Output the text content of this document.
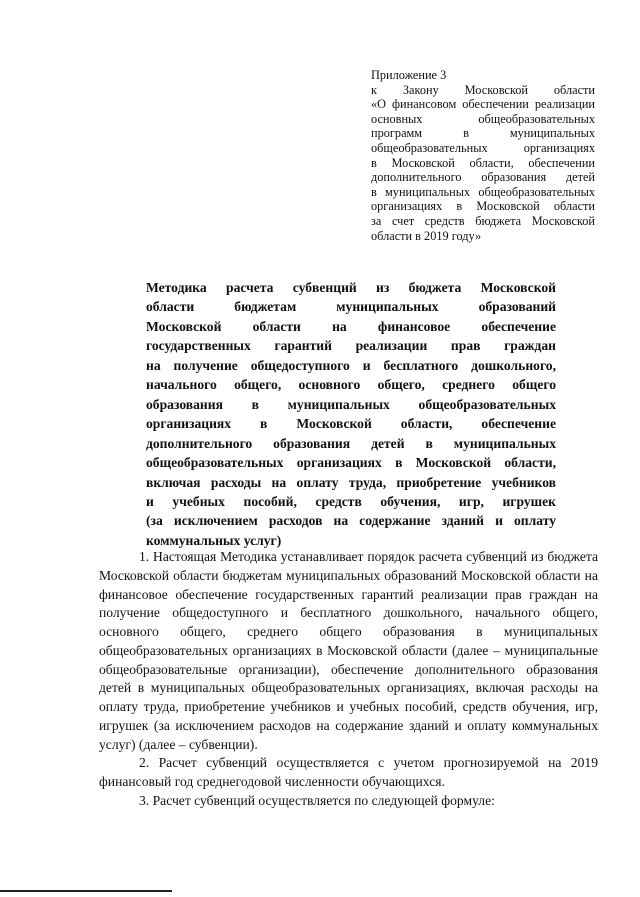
Приложение 3
к Закону Московской области
«О финансовом обеспечении реализации
основных общеобразовательных
программ в муниципальных
общеобразовательных организациях
в Московской области, обеспечении
дополнительного образования детей
в муниципальных общеобразовательных
организациях в Московской области
за счет средств бюджета Московской
области в 2019 году»
Методика расчета субвенций из бюджета Московской
области бюджетам муниципальных образований
Московской области на финансовое обеспечение
государственных гарантий реализации прав граждан
на получение общедоступного и бесплатного дошкольного,
начального общего, основного общего, среднего общего
образования в муниципальных общеобразовательных
организациях в Московской области, обеспечение
дополнительного образования детей в муниципальных
общеобразовательных организациях в Московской области,
включая расходы на оплату труда, приобретение учебников
и учебных пособий, средств обучения, игр, игрушек
(за исключением расходов на содержание зданий и оплату
коммунальных услуг)

1. Настоящая Методика устанавливает порядок расчета субвенций из бюджета Московской области бюджетам муниципальных образований Московской области на финансовое обеспечение государственных гарантий реализации прав граждан на получение общедоступного и бесплатного дошкольного, начального общего, основного общего, среднего общего образования в муниципальных общеобразовательных организациях в Московской области (далее – муниципальные общеобразовательные организации), обеспечение дополнительного образования детей в муниципальных общеобразовательных организациях, включая расходы на оплату труда, приобретение учебников и учебных пособий, средств обучения, игр, игрушек (за исключением расходов на содержание зданий и оплату коммунальных услуг) (далее – субвенции).

2. Расчет субвенций осуществляется с учетом прогнозируемой на 2019 финансовый год среднегодовой численности обучающихся.

3. Расчет субвенций осуществляется по следующей формуле:
